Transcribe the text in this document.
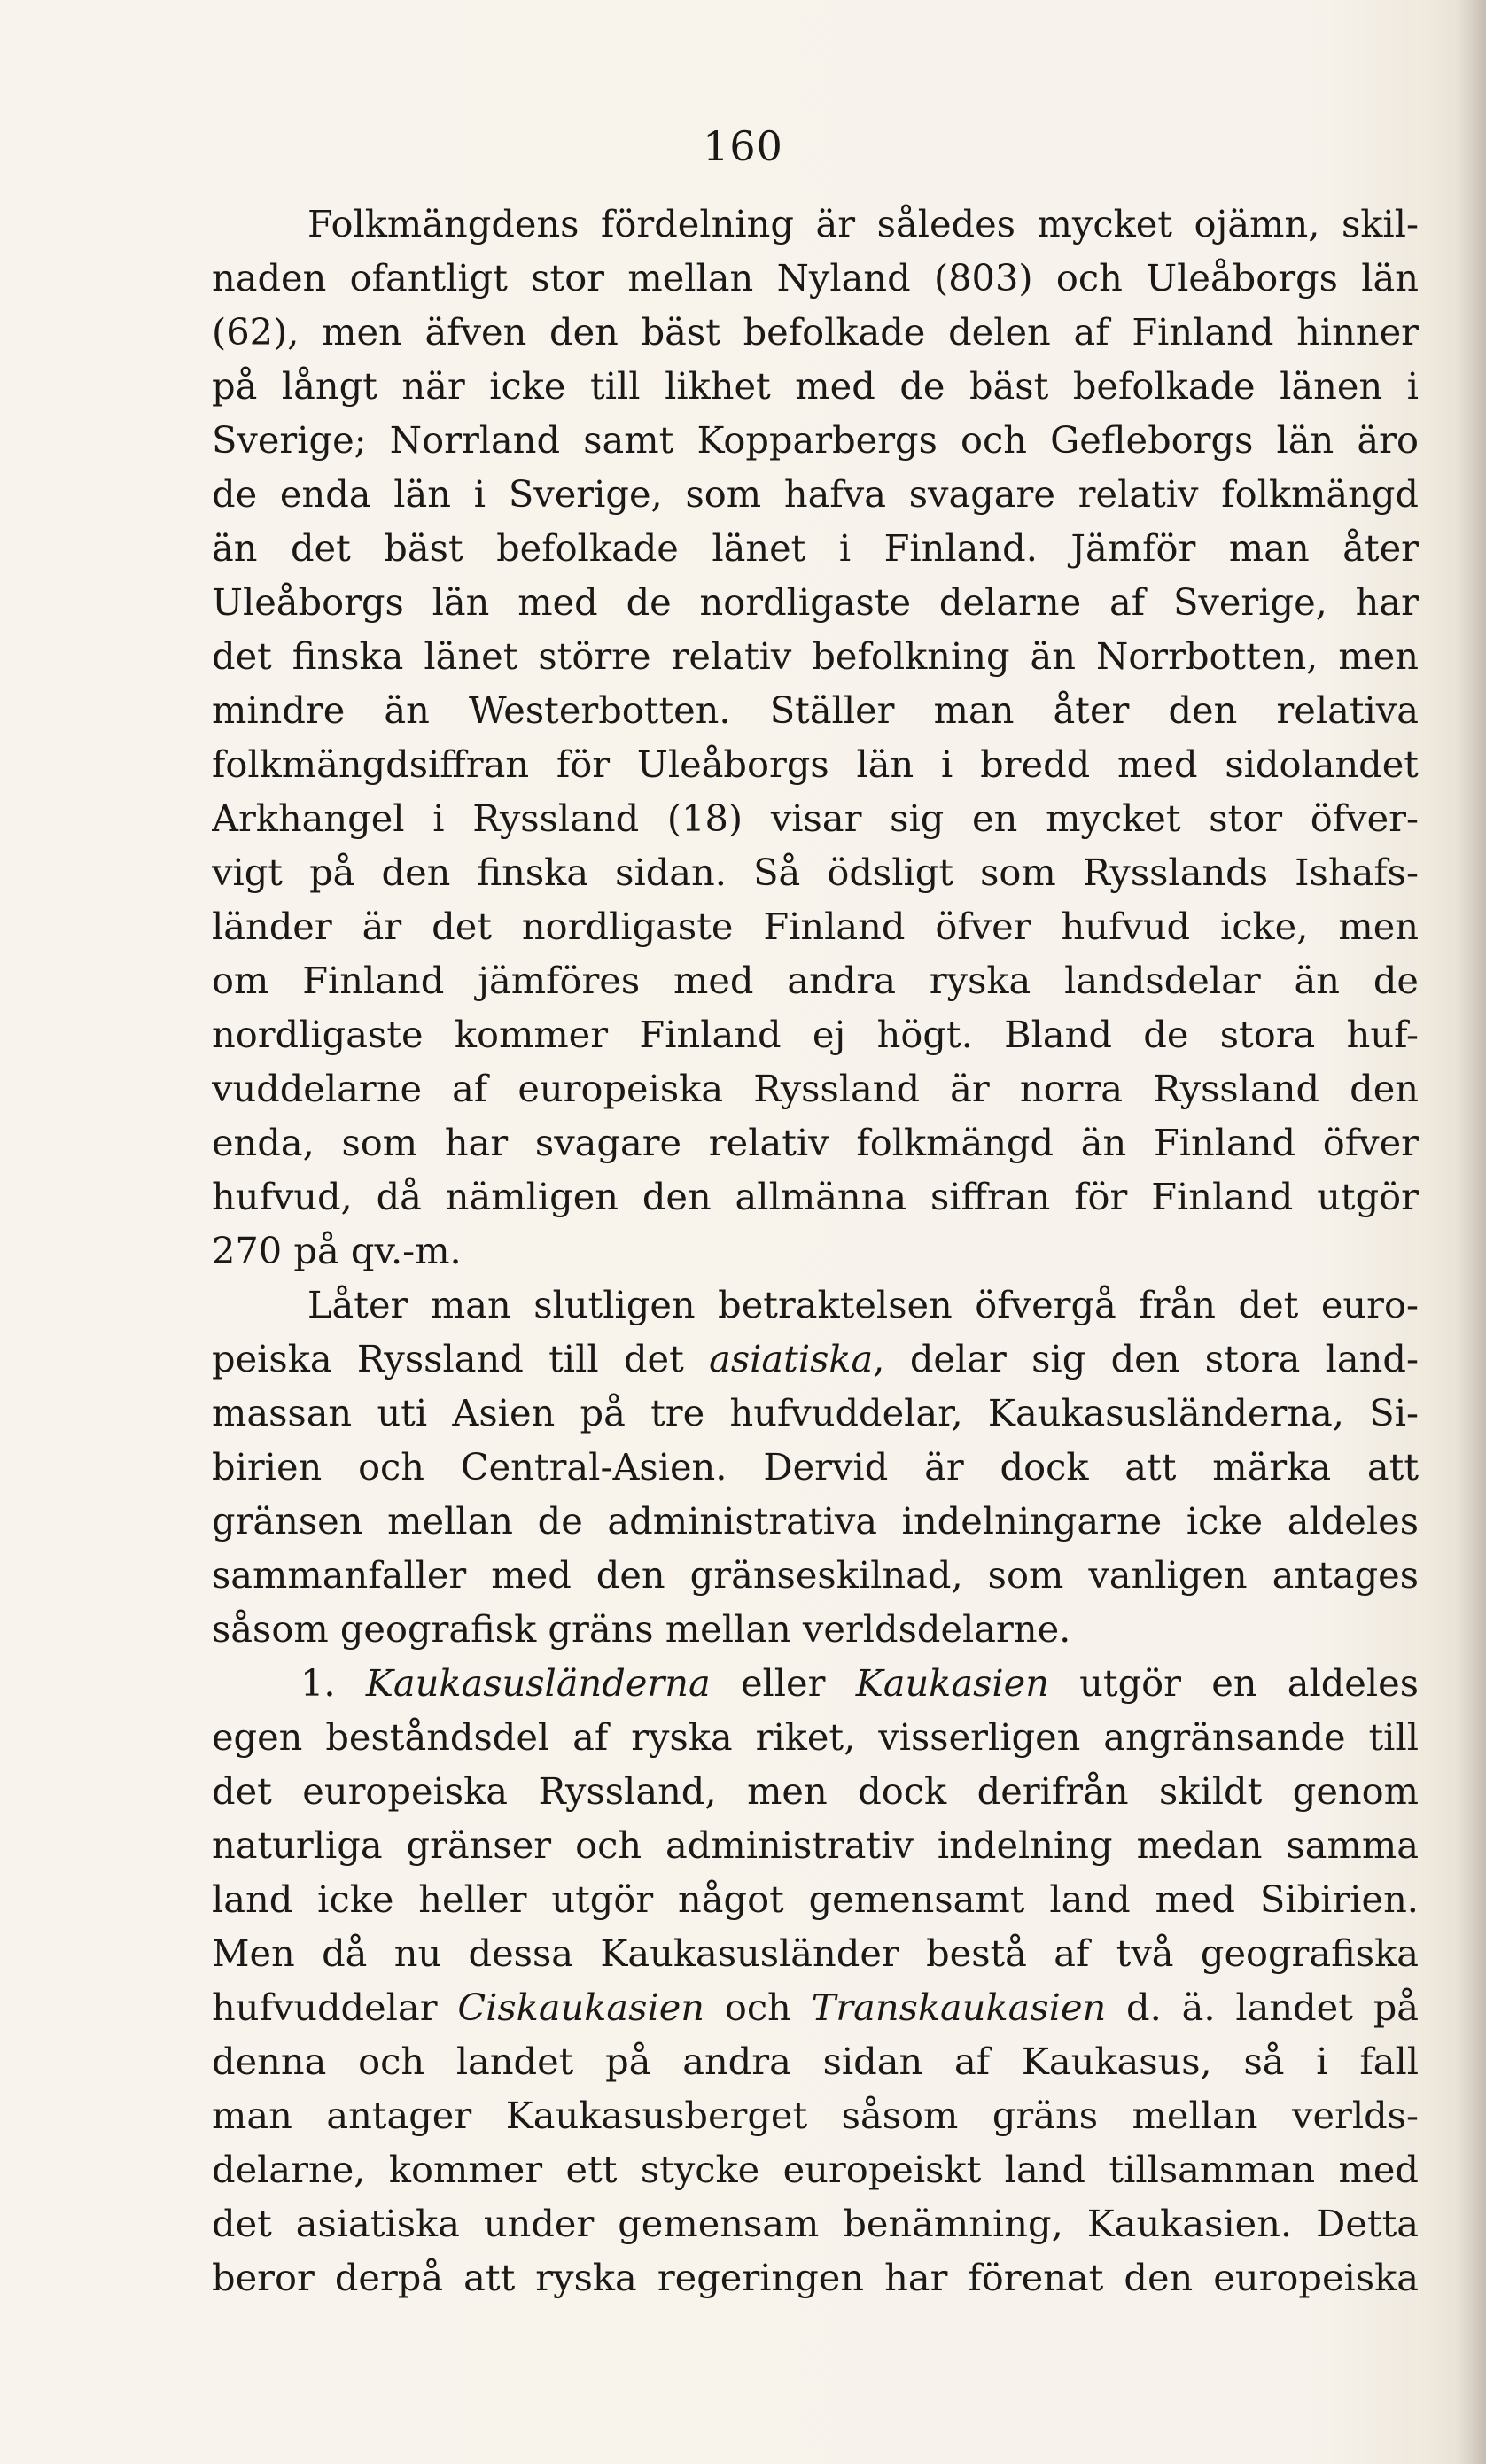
160
Folkmängdens fördelning är således mycket ojämn, skil-
naden ofantligt stor mellan Nyland (803) och Uleåborgs län
(62), men äfven den bäst befolkade delen af Finland hinner
på långt när icke till likhet med de bäst befolkade länen i
Sverige; Norrland samt Kopparbergs och Gefleborgs län äro
de enda län i Sverige, som hafva svagare relativ folkmängd
än det bäst befolkade länet i Finland. Jämför man åter
Uleåborgs län med de nordligaste delarne af Sverige, har
det finska länet större relativ befolkning än Norrbotten, men
mindre än Westerbotten. Ställer man åter den relativa
folkmängdsiffran för Uleåborgs län i bredd med sidolandet
Arkhangel i Ryssland (18) visar sig en mycket stor öfver-
vigt på den finska sidan. Så ödsligt som Rysslands Ishafs-
länder är det nordligaste Finland öfver hufvud icke, men
om Finland jämföres med andra ryska landsdelar än de
nordligaste kommer Finland ej högt. Bland de stora huf-
vuddelarne af europeiska Ryssland är norra Ryssland den
enda, som har svagare relativ folkmängd än Finland öfver
hufvud, då nämligen den allmänna siffran för Finland utgör
270 på qv.-m.
Låter man slutligen betraktelsen öfvergå från det euro-
peiska Ryssland till det asiatiska, delar sig den stora land-
massan uti Asien på tre hufvuddelar, Kaukasusländerna, Si-
birien och Central-Asien. Dervid är dock att märka att
gränsen mellan de administrativa indelningarne icke aldeles
sammanfaller med den gränseskilnad, som vanligen antages
såsom geografisk gräns mellan verldsdelarne.
1. Kaukasusländerna eller Kaukasien utgör en aldeles
egen beståndsdel af ryska riket, visserligen angränsande till
det europeiska Ryssland, men dock derifrån skildt genom
naturliga gränser och administrativ indelning medan samma
land icke heller utgör något gemensamt land med Sibirien.
Men då nu dessa Kaukasusländer bestå af två geografiska
hufvuddelar Ciskaukasien och Transkaukasien d. ä. landet på
denna och landet på andra sidan af Kaukasus, så i fall
man antager Kaukasusberget såsom gräns mellan verlds-
delarne, kommer ett stycke europeiskt land tillsamman med
det asiatiska under gemensam benämning, Kaukasien. Detta
beror derpå att ryska regeringen har förenat den europeiska
